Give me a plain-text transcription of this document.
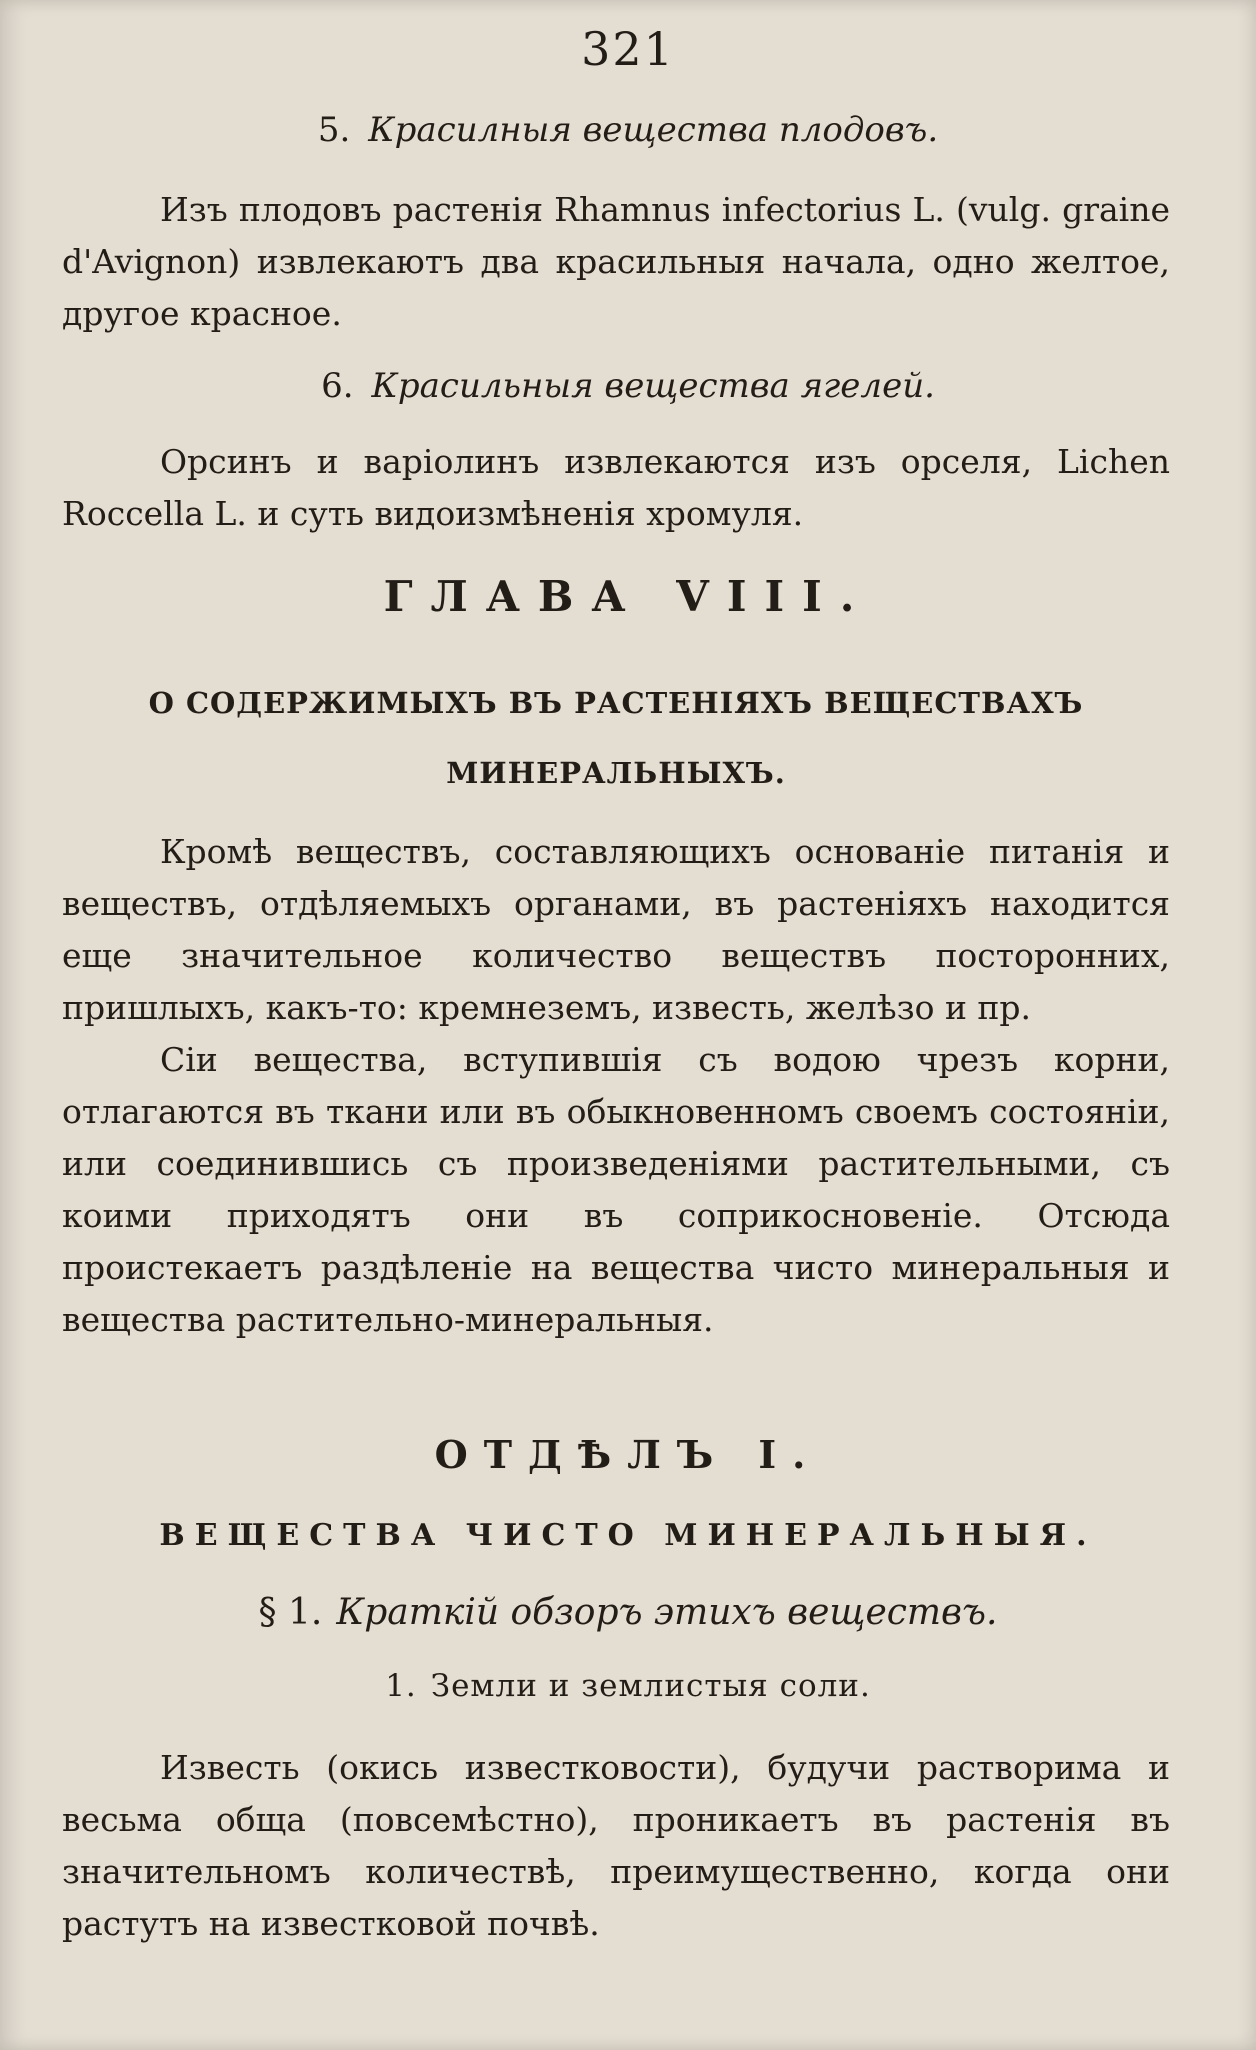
321
5. Красилныя вещества плодовъ.

Изъ плодовъ растенія Rhamnus infectorius L. (vulg. graine d'Avignon) извлекаютъ два красильныя начала, одно желтое, другое красное.

6. Красильныя вещества ягелей.

Орсинъ и варіолинъ извлекаются изъ орселя, Lichen Roccella L. и суть видоизмѣненія хромуля.

ГЛАВА VIII.
О СОДЕРЖИМЫХЪ ВЪ РАСТЕНІЯХЪ ВЕЩЕСТВАХЪ МИНЕРАЛЬНЫХЪ.

Кромѣ веществъ, составляющихъ основаніе питанія и веществъ, отдѣляемыхъ органами, въ растеніяхъ находится еще значительное количество веществъ посторонних, пришлыхъ, какъ-то: кремнеземъ, известь, желѣзо и пр.

Сіи вещества, вступившія съ водою чрезъ корни, отлагаются въ ткани или въ обыкновенномъ своемъ состояніи, или соединившись съ произведеніями растительными, съ коими приходятъ они въ соприкосновеніе. Отсюда проистекаетъ раздѣленіе на вещества чисто минеральныя и вещества растительно-минеральныя.

ОТДѢЛЪ I.
ВЕЩЕСТВА ЧИСТО МИНЕРАЛЬНЫЯ.
§ 1. Краткій обзоръ этихъ веществъ.
1. Земли и землистыя соли.

Известь (окись известковости), будучи растворима и весьма обща (повсемѣстно), проникаетъ въ растенія въ значительномъ количествѣ, преимущественно, когда они растутъ на известковой почвѣ.
